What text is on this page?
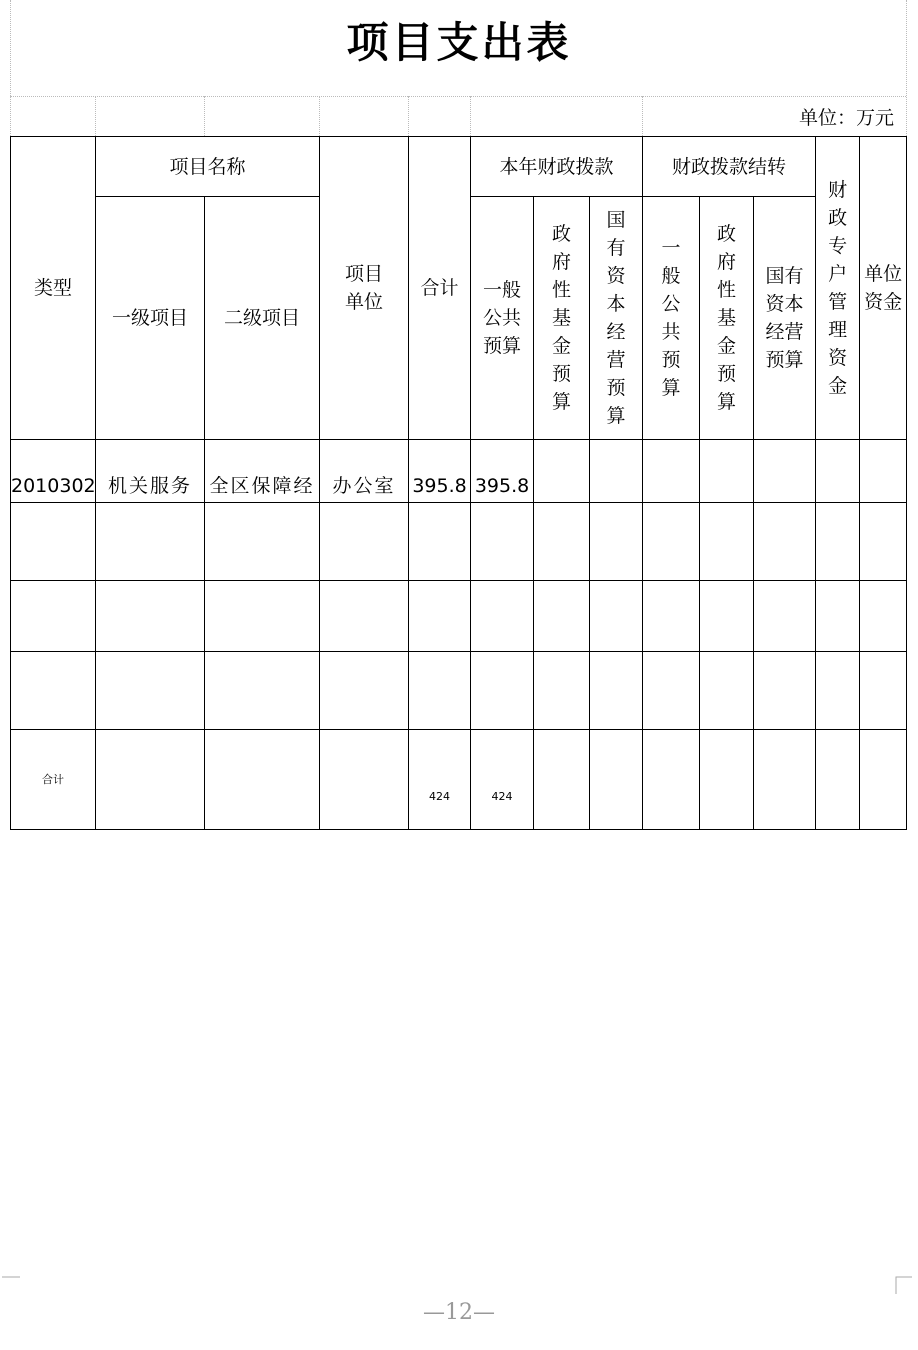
项目支出表
单位：万元
类型	项目名称		项目单位	合计	本年财政拨款			财政拨款结转			财政专户管理资金	单位资金
	一级项目	二级项目			一般公共预算	政府性基金预算	国有资本经营预算	一般公共预算	政府性基金预算	国有资本经营预算		
2010302	机关服务	全区保障经	办公室	395.8	395.8							

合计				424	424							
—12—
